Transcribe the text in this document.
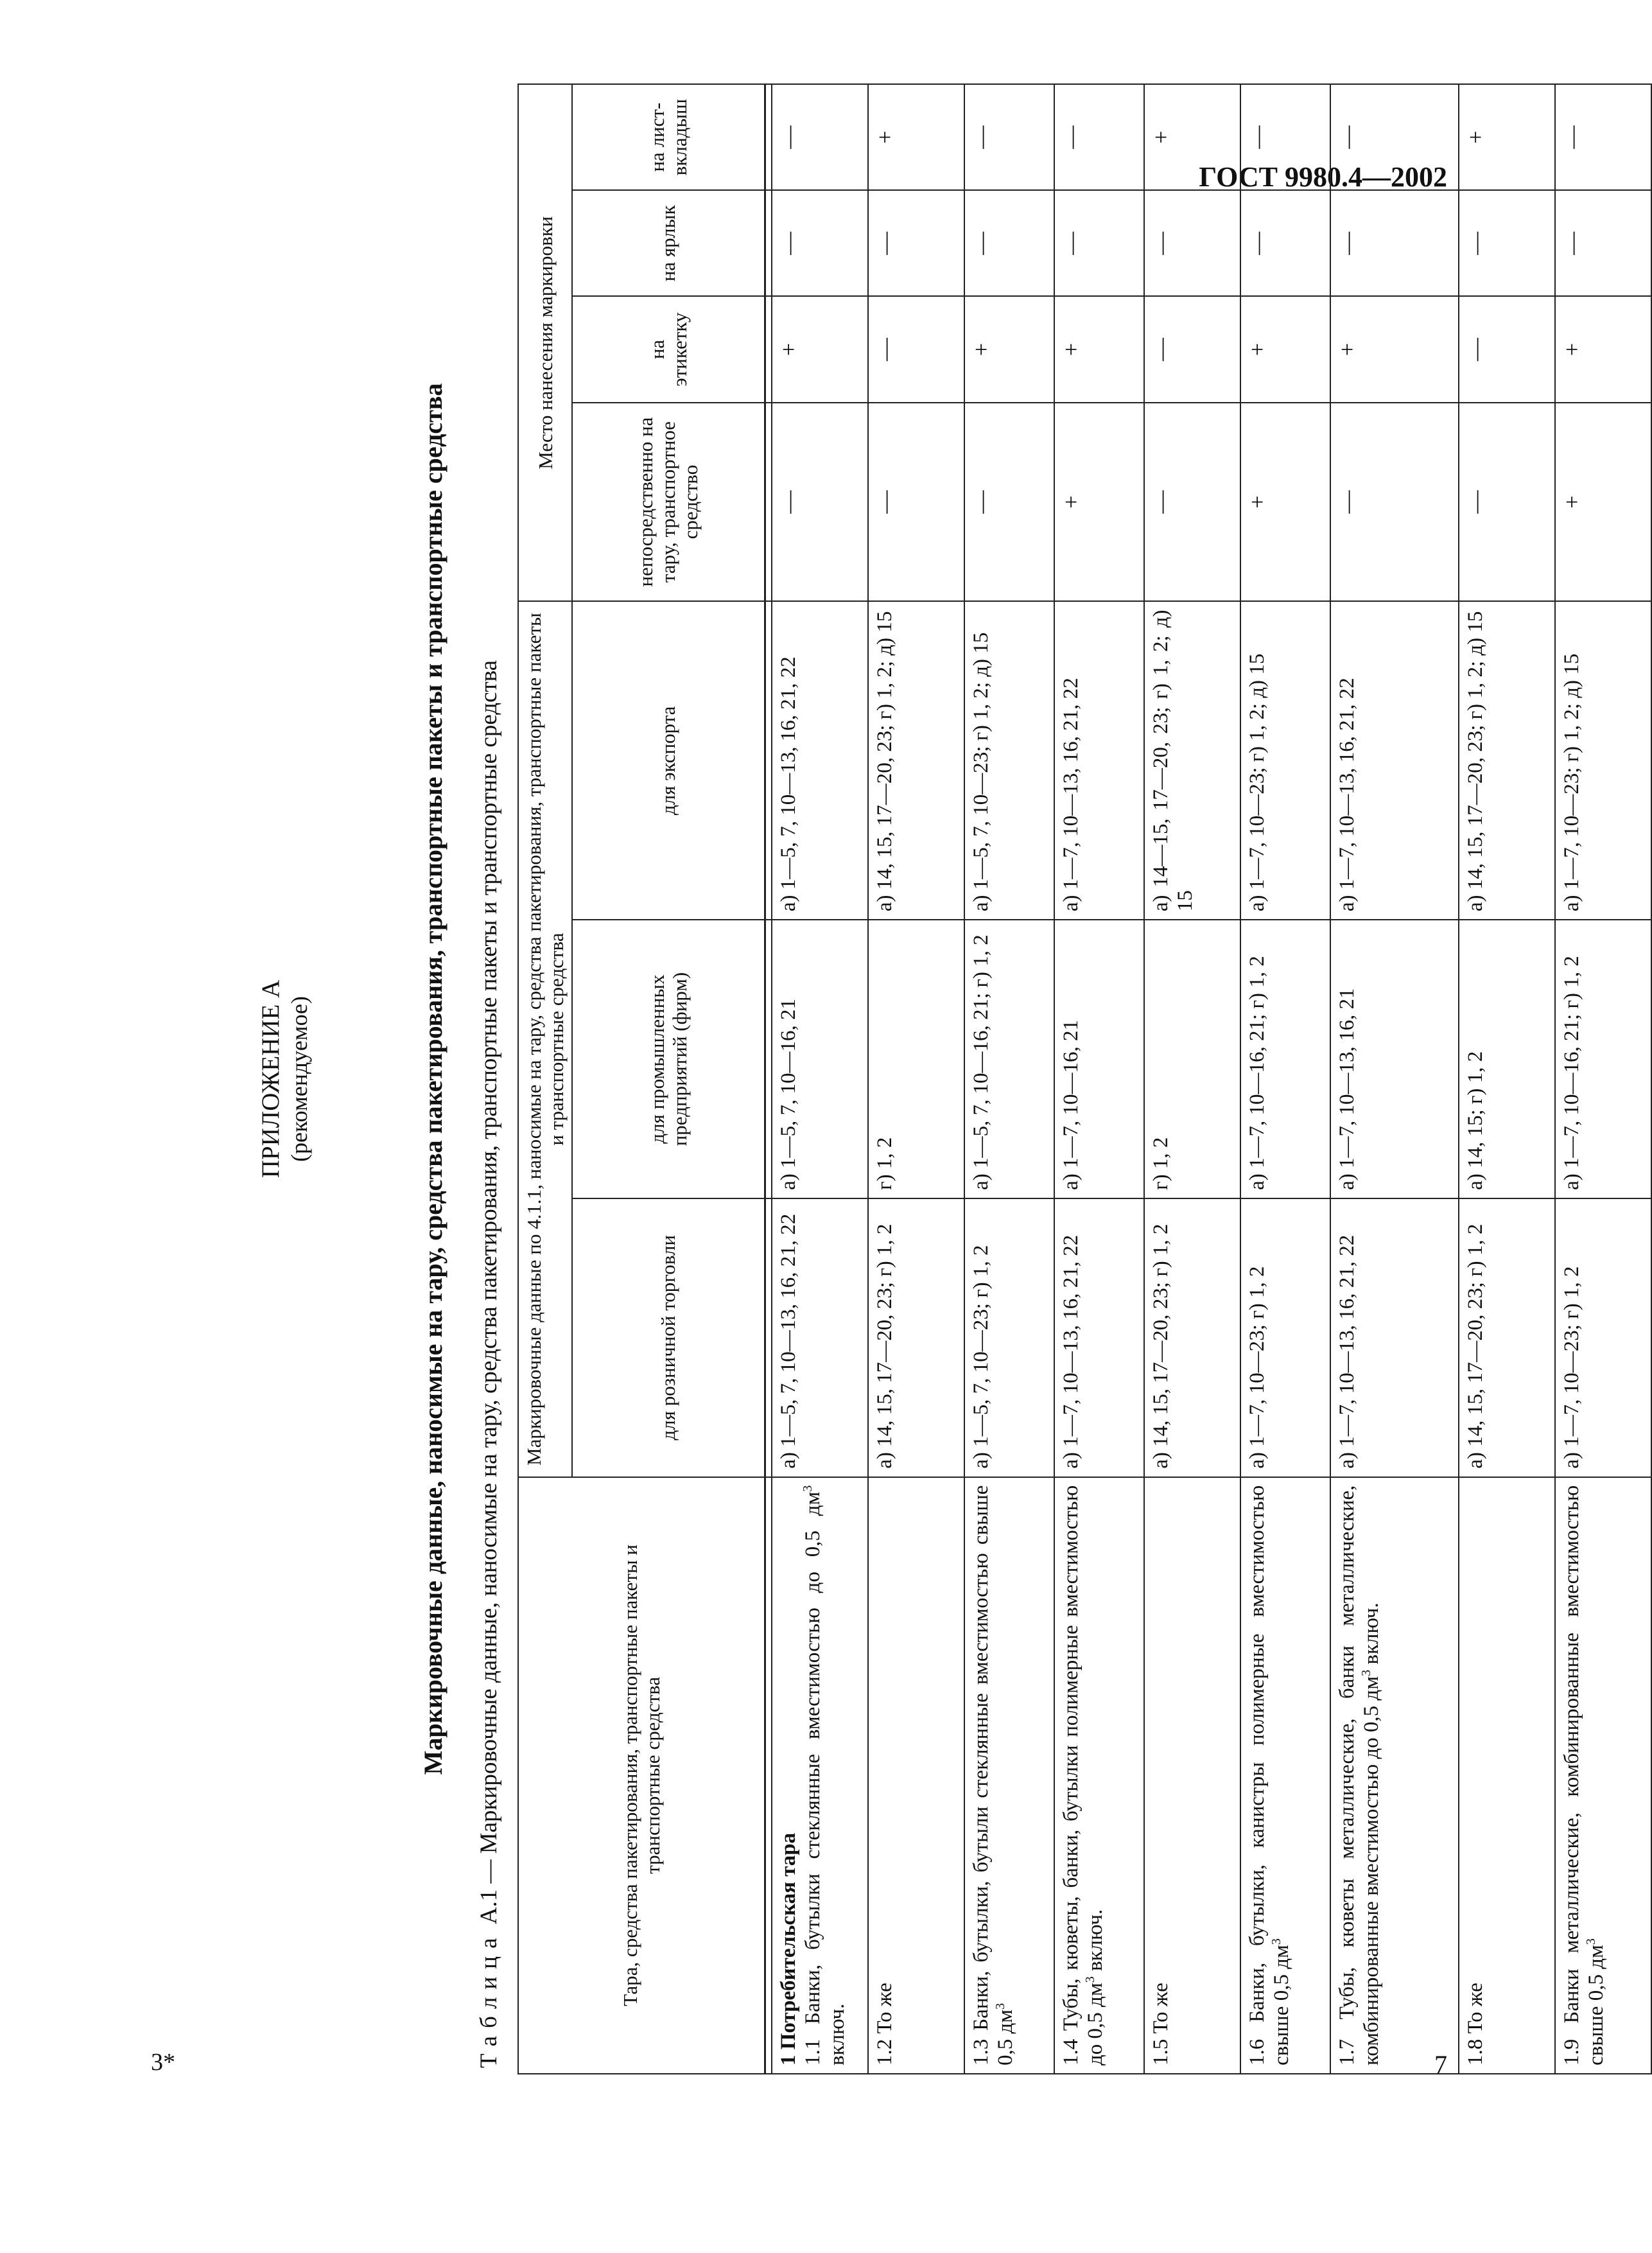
ГОСТ 9980.4—2002
3*	7
ПРИЛОЖЕНИЕ А (рекомендуемое)	Маркировочные данные, наносимые на тару, средства пакетирования, транспортные пакеты и транспортные средства
Таблица А.1 — Маркировочные данные, наносимые на тару, средства пакетирования, транспортные пакеты и транспортные средства	Тара, средства пакетирования, транспортные пакеты и транспортные средства	Маркировочные данные по 4.1.1, наносимые на тару, средства пакетирования, транспортные пакеты и транспортные средства			Место нанесения маркировки			
	для розничной торговли	для промышленных предприятий (фирм)	для экспорта	непосредственно на тару, транспортное средство	на этикетку	на ярлык	на лист-вкладыш

1 Потребительская тара 1.1 Банки, бутылки стеклянные вместимостью до 0,5 $дм^3$ включ.	а) 1—5, 7, 10—13, 16, 21, 22	а) 1—5, 7, 10—16, 21	а) 1—5, 7, 10—13, 16, 21, 22	—	+	—	—
1.2 То же	а) 14, 15, 17—20, 23; г) 1, 2	г) 1, 2	а) 14, 15, 17—20, 23; г) 1, 2; д) 15	—	—	—	+
1.3 Банки, бутылки, бутыли стеклянные вместимостью свыше 0,5 $дм^3$	а) 1—5, 7, 10—23; г) 1, 2	а) 1—5, 7, 10—16, 21; г) 1, 2	а) 1—5, 7, 10—23; г) 1, 2; д) 15	—	+	—	—
1.4 Тубы, кюветы, банки, бутылки полимерные вместимостью до 0,5 $дм^3$ включ.	а) 1—7, 10—13, 16, 21, 22	а) 1—7, 10—16, 21	а) 1—7, 10—13, 16, 21, 22	+	+	—	—
1.5 То же	а) 14, 15, 17—20, 23; г) 1, 2	г) 1, 2	а) 14—15, 17—20, 23; г) 1, 2; д) 15	—	—	—	+
1.6 Банки, бутылки, канистры полимерные вместимостью свыше 0,5 $дм^3$	а) 1—7, 10—23; г) 1, 2	а) 1—7, 10—16, 21; г) 1, 2	а) 1—7, 10—23; г) 1, 2; д) 15	+	+	—	—
1.7 Тубы, кюветы металлические, банки металлические, комбинированные вместимостью до 0,5 $дм^3$ включ.	а) 1—7, 10—13, 16, 21, 22	а) 1—7, 10—13, 16, 21	а) 1—7, 10—13, 16, 21, 22	—	+	—	—
1.8 То же	а) 14, 15, 17—20, 23; г) 1, 2	а) 14, 15; г) 1, 2	а) 14, 15, 17—20, 23; г) 1, 2; д) 15	—	—	—	+
1.9 Банки металлические, комбинированные вместимостью свыше 0,5 $дм^3$	а) 1—7, 10—23; г) 1, 2	а) 1—7, 10—16, 21; г) 1, 2	а) 1—7, 10—23; г) 1, 2; д) 15	+	+	—	—
